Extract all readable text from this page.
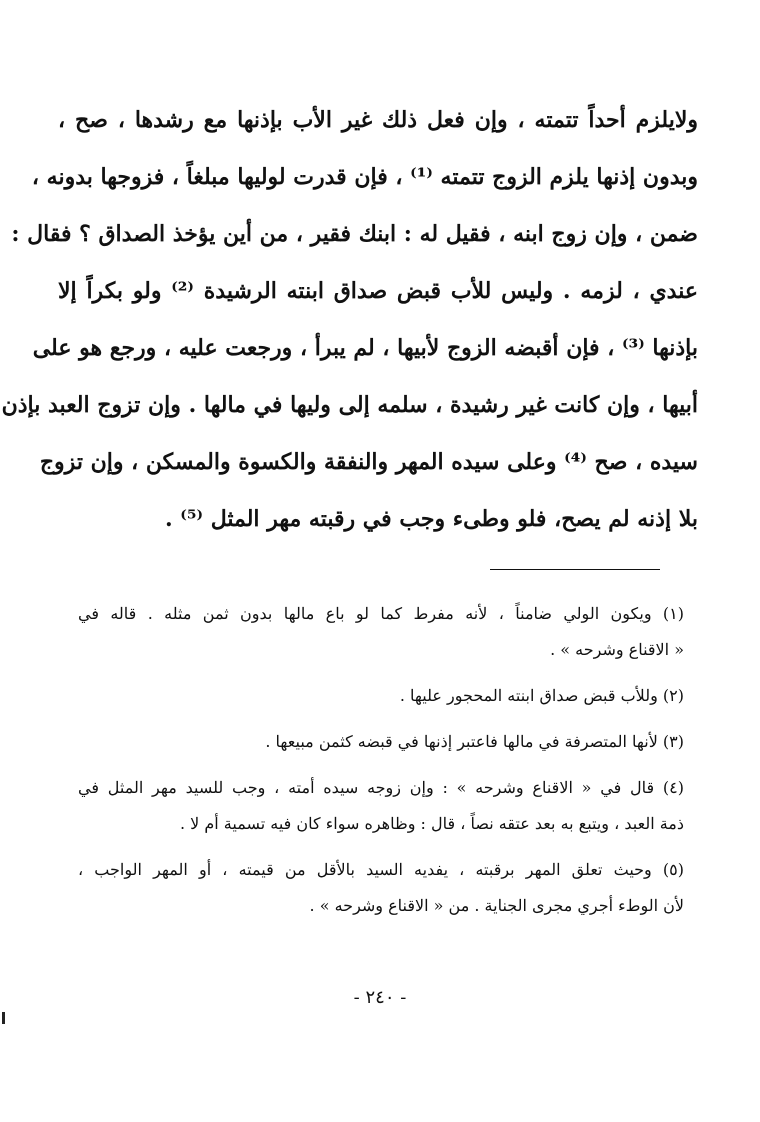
ولايلزم أحداً تتمته ، وإن فعل ذلك غير الأب بإذنها مع رشدها ، صح ،
وبدون إذنها يلزم الزوج تتمته ⁽¹⁾ ، فإن قدرت لوليها مبلغاً ، فزوجها بدونه ،
ضمن ، وإن زوج ابنه ، فقيل له : ابنك فقير ، من أين يؤخذ الصداق ؟ فقال :
عندي ، لزمه . وليس للأب قبض صداق ابنته الرشيدة ⁽²⁾ ولو بكراً إلا
بإذنها ⁽³⁾ ، فإن أقبضه الزوج لأبيها ، لم يبرأ ، ورجعت عليه ، ورجع هو على
أبيها ، وإن كانت غير رشيدة ، سلمه إلى وليها في مالها . وإن تزوج العبد بإذن
سيده ، صح ⁽⁴⁾ وعلى سيده المهر والنفقة والكسوة والمسكن ، وإن تزوج
بلا إذنه لم يصح، فلو وطىء وجب في رقبته مهر المثل ⁽⁵⁾ .
(١) ويكون الولي ضامناً ، لأنه مفرط كما لو باع مالها بدون ثمن مثله . قاله في
« الاقناع وشرحه » .
(٢) وللأب قبض صداق ابنته المحجور عليها .
(٣) لأنها المتصرفة في مالها فاعتبر إذنها في قبضه كثمن مبيعها .
(٤) قال في « الاقناع وشرحه » : وإن زوجه سيده أمته ، وجب للسيد مهر المثل في
ذمة العبد ، ويتبع به بعد عتقه نصاً ، قال : وظاهره سواء كان فيه تسمية أم لا .
(٥) وحيث تعلق المهر برقبته ، يفديه السيد بالأقل من قيمته ، أو المهر الواجب ،
لأن الوطء أجري مجرى الجناية . من « الاقناع وشرحه » .
- ٢٤٠ -
